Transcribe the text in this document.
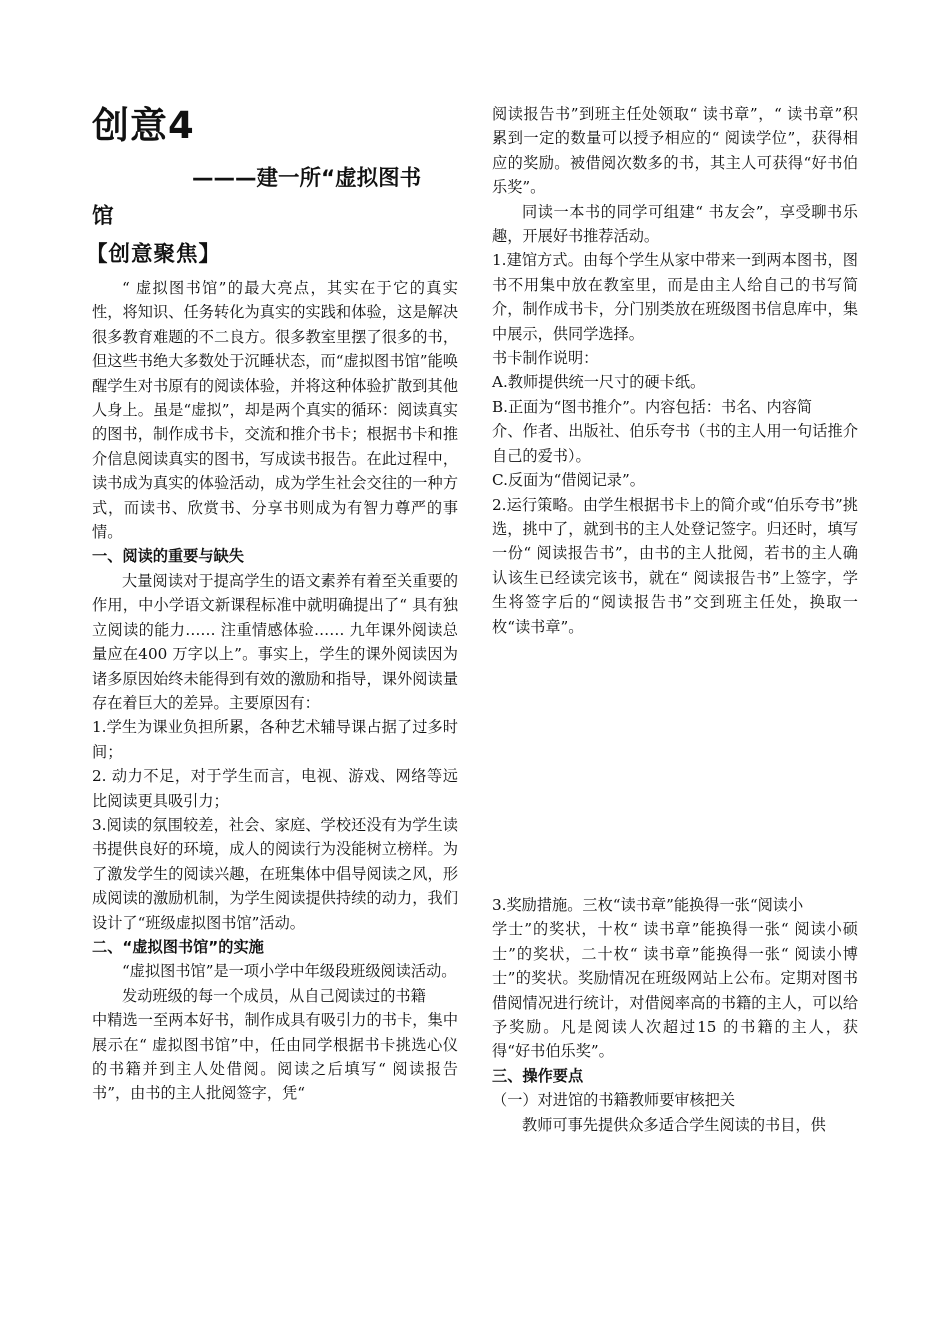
创意4
———建一所“虚拟图书
馆
【创意聚焦】

“ 虚拟图书馆”的最大亮点，其实在于它的真实性，将知识、任务转化为真实的实践和体验，这是解决很多教育难题的不二良方。很多教室里摆了很多的书，但这些书绝大多数处于沉睡状态，而“虚拟图书馆”能唤醒学生对书原有的阅读体验，并将这种体验扩散到其他人身上。虽是“虚拟”，却是两个真实的循环：阅读真实的图书，制作成书卡，交流和推介书卡；根据书卡和推介信息阅读真实的图书，写成读书报告。在此过程中，读书成为真实的体验活动，成为学生社会交往的一种方式，而读书、欣赏书、分享书则成为有智力尊严的事情。

一、阅读的重要与缺失

大量阅读对于提高学生的语文素养有着至关重要的作用，中小学语文新课程标准中就明确提出了“ 具有独立阅读的能力…… 注重情感体验…… 九年课外阅读总量应在400 万字以上”。事实上，学生的课外阅读因为诸多原因始终未能得到有效的激励和指导，课外阅读量存在着巨大的差异。主要原因有：

1.学生为课业负担所累，各种艺术辅导课占据了过多时间；

2. 动力不足，对于学生而言，电视、游戏、网络等远比阅读更具吸引力；

3.阅读的氛围较差，社会、家庭、学校还没有为学生读书提供良好的环境，成人的阅读行为没能树立榜样。为了激发学生的阅读兴趣，在班集体中倡导阅读之风，形成阅读的激励机制，为学生阅读提供持续的动力，我们设计了“班级虚拟图书馆”活动。

二、“虚拟图书馆”的实施

“虚拟图书馆”是一项小学中年级段班级阅读活动。

发动班级的每一个成员，从自己阅读过的书籍

中精选一至两本好书，制作成具有吸引力的书卡，集中展示在“ 虚拟图书馆”中，任由同学根据书卡挑选心仪的书籍并到主人处借阅。阅读之后填写“ 阅读报告书”，由书的主人批阅签字，凭“

阅读报告书”到班主任处领取“ 读书章”，“ 读书章”积累到一定的数量可以授予相应的“ 阅读学位”，获得相应的奖励。被借阅次数多的书，其主人可获得“好书伯乐奖”。

同读一本书的同学可组建“ 书友会”，享受聊书乐趣，开展好书推荐活动。

1.建馆方式。由每个学生从家中带来一到两本图书，图书不用集中放在教室里，而是由主人给自己的书写简介，制作成书卡，分门别类放在班级图书信息库中，集中展示，供同学选择。

书卡制作说明：

A.教师提供统一尺寸的硬卡纸。

B.正面为“图书推介”。内容包括：书名、内容简

介、作者、出版社、伯乐夸书（书的主人用一句话推介自己的爱书）。

C.反面为“借阅记录”。

2.运行策略。由学生根据书卡上的简介或“伯乐夸书”挑选，挑中了，就到书的主人处登记签字。归还时，填写一份“ 阅读报告书”，由书的主人批阅，若书的主人确认该生已经读完该书，就在“ 阅读报告书”上签字，学生将签字后的“阅读报告书”交到班主任处，换取一枚“读书章”。

3.奖励措施。三枚“读书章”能换得一张“阅读小

学士”的奖状，十枚“ 读书章”能换得一张“ 阅读小硕士”的奖状，二十枚“ 读书章”能换得一张“ 阅读小博士”的奖状。奖励情况在班级网站上公布。定期对图书借阅情况进行统计，对借阅率高的书籍的主人，可以给予奖励。凡是阅读人次超过15 的书籍的主人，获得“好书伯乐奖”。

三、操作要点

（一）对进馆的书籍教师要审核把关

教师可事先提供众多适合学生阅读的书目，供
